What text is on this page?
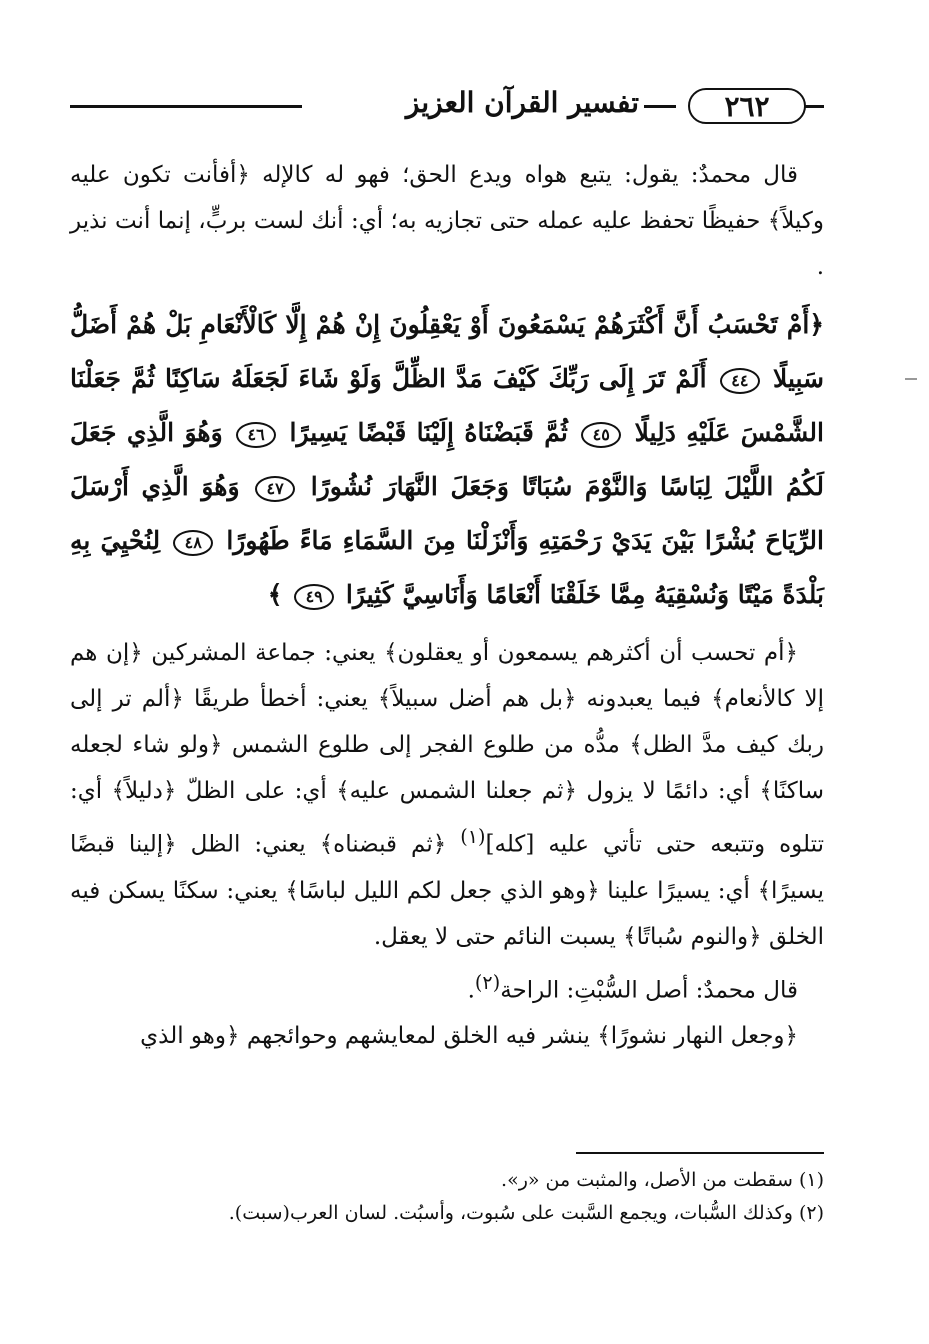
٢٦٢
تفسير القرآن العزيز

قال محمدٌ: يقول: يتبع هواه ويدع الحق؛ فهو له كالإله ﴿أفأنت تكون عليه وكيلاً﴾ حفيظًا تحفظ عليه عمله حتى تجازيه به؛ أي: أنك لست بربٍّ، إنما أنت نذير .

﴿أَمْ تَحْسَبُ أَنَّ أَكْثَرَهُمْ يَسْمَعُونَ أَوْ يَعْقِلُونَ إِنْ هُمْ إِلَّا كَالْأَنْعَامِ بَلْ هُمْ أَضَلُّ سَبِيلًا ٤٤ أَلَمْ تَرَ إِلَى رَبِّكَ كَيْفَ مَدَّ الظِّلَّ وَلَوْ شَاءَ لَجَعَلَهُ سَاكِنًا ثُمَّ جَعَلْنَا الشَّمْسَ عَلَيْهِ دَلِيلًا ٤٥ ثُمَّ قَبَضْنَاهُ إِلَيْنَا قَبْضًا يَسِيرًا ٤٦ وَهُوَ الَّذِي جَعَلَ لَكُمُ اللَّيْلَ لِبَاسًا وَالنَّوْمَ سُبَاتًا وَجَعَلَ النَّهَارَ نُشُورًا ٤٧ وَهُوَ الَّذِي أَرْسَلَ الرِّيَاحَ بُشْرًا بَيْنَ يَدَيْ رَحْمَتِهِ وَأَنْزَلْنَا مِنَ السَّمَاءِ مَاءً طَهُورًا ٤٨ لِنُحْيِيَ بِهِ بَلْدَةً مَيْتًا وَنُسْقِيَهُ مِمَّا خَلَقْنَا أَنْعَامًا وَأَنَاسِيَّ كَثِيرًا ٤٩ ﴾

﴿أم تحسب أن أكثرهم يسمعون أو يعقلون﴾ يعني: جماعة المشركين ﴿إن هم إلا كالأنعام﴾ فيما يعبدونه ﴿بل هم أضل سبيلاً﴾ يعني: أخطأ طريقًا ﴿ألم تر إلى ربك كيف مدَّ الظل﴾ مدُّه من طلوع الفجر إلى طلوع الشمس ﴿ولو شاء لجعله ساكنًا﴾ أي: دائمًا لا يزول ﴿ثم جعلنا الشمس عليه﴾ أي: على الظلّ ﴿دليلاً﴾ أي: تتلوه وتتبعه حتى تأتي عليه [كله]$^{(١)}$ ﴿ثم قبضناه﴾ يعني: الظل ﴿إلينا قبضًا يسيرًا﴾ أي: يسيرًا علينا ﴿وهو الذي جعل لكم الليل لباسًا﴾ يعني: سكنًا يسكن فيه الخلق ﴿والنوم سُباتًا﴾ يسبت النائم حتى لا يعقل.

قال محمدٌ: أصل السُّبْتِ: الراحة$^{(٢)}$.

﴿وجعل النهار نشورًا﴾ ينشر فيه الخلق لمعايشهم وحوائجهم ﴿وهو الذي

(١) سقطت من الأصل، والمثبت من «ر».

(٢) وكذلك السُّبات، ويجمع السَّبت على سُبوت، وأسبُت. لسان العرب(سبت).
